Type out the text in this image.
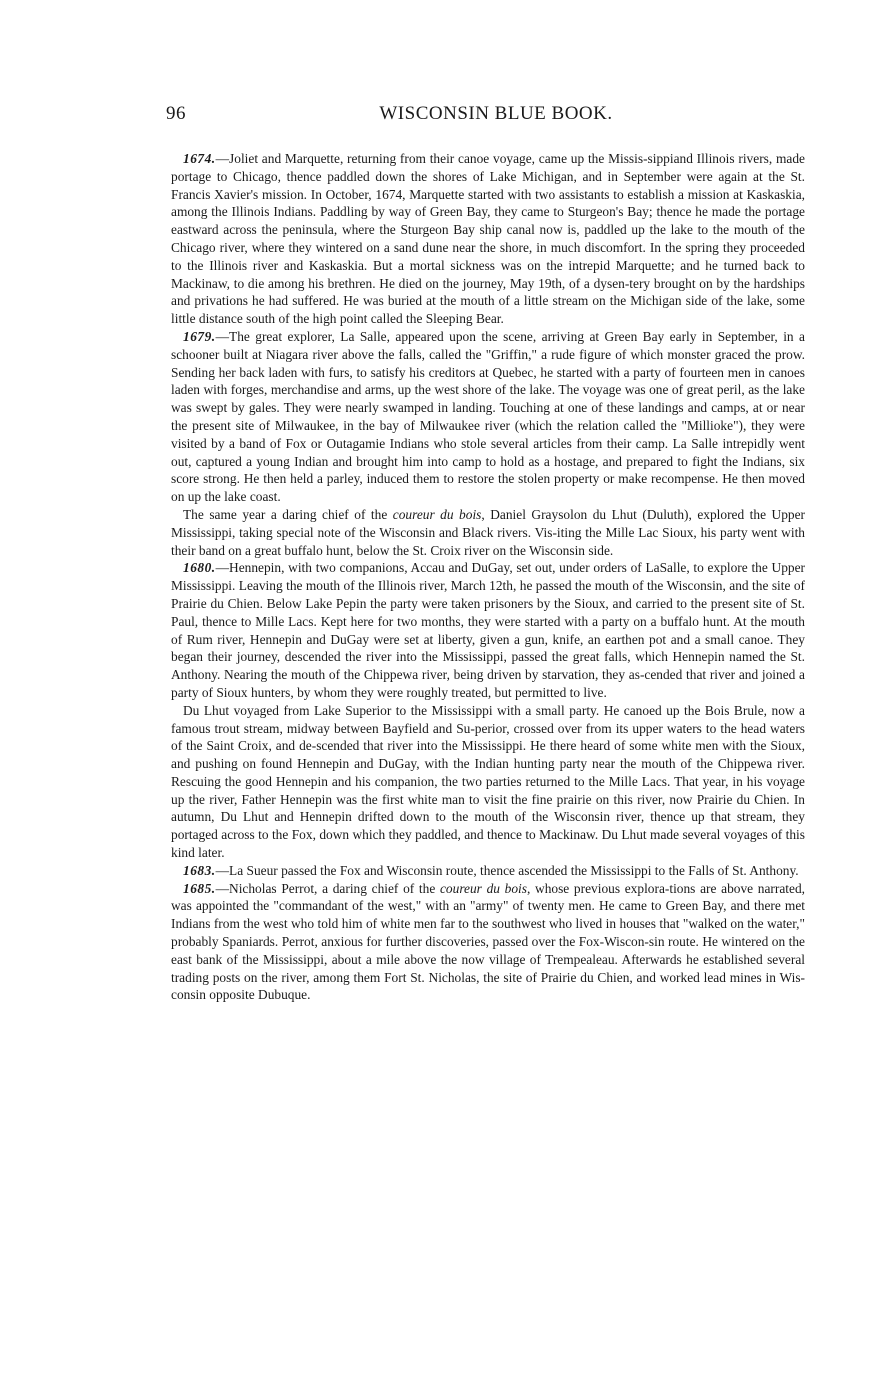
96	WISCONSIN BLUE BOOK.

1674.—Joliet and Marquette, returning from their canoe voyage, came up the Missis-sippiand Illinois rivers, made portage to Chicago, thence paddled down the shores of Lake Michigan, and in September were again at the St. Francis Xavier's mission. In October, 1674, Marquette started with two assistants to establish a mission at Kaskaskia, among the Illinois Indians. Paddling by way of Green Bay, they came to Sturgeon's Bay; thence he made the portage eastward across the peninsula, where the Sturgeon Bay ship canal now is, paddled up the lake to the mouth of the Chicago river, where they wintered on a sand dune near the shore, in much discomfort. In the spring they proceeded to the Illinois river and Kaskaskia. But a mortal sickness was on the intrepid Marquette; and he turned back to Mackinaw, to die among his brethren. He died on the journey, May 19th, of a dysen-tery brought on by the hardships and privations he had suffered. He was buried at the mouth of a little stream on the Michigan side of the lake, some little distance south of the high point called the Sleeping Bear.

1679.—The great explorer, La Salle, appeared upon the scene, arriving at Green Bay early in September, in a schooner built at Niagara river above the falls, called the "Griffin," a rude figure of which monster graced the prow. Sending her back laden with furs, to satisfy his creditors at Quebec, he started with a party of fourteen men in canoes laden with forges, merchandise and arms, up the west shore of the lake. The voyage was one of great peril, as the lake was swept by gales. They were nearly swamped in landing. Touching at one of these landings and camps, at or near the present site of Milwaukee, in the bay of Milwaukee river (which the relation called the "Millioke"), they were visited by a band of Fox or Outagamie Indians who stole several articles from their camp. La Salle intrepidly went out, captured a young Indian and brought him into camp to hold as a hostage, and prepared to fight the Indians, six score strong. He then held a parley, induced them to restore the stolen property or make recompense. He then moved on up the lake coast.

The same year a daring chief of the coureur du bois, Daniel Graysolon du Lhut (Duluth), explored the Upper Mississippi, taking special note of the Wisconsin and Black rivers. Vis-iting the Mille Lac Sioux, his party went with their band on a great buffalo hunt, below the St. Croix river on the Wisconsin side.

1680.—Hennepin, with two companions, Accau and DuGay, set out, under orders of LaSalle, to explore the Upper Mississippi. Leaving the mouth of the Illinois river, March 12th, he passed the mouth of the Wisconsin, and the site of Prairie du Chien. Below Lake Pepin the party were taken prisoners by the Sioux, and carried to the present site of St. Paul, thence to Mille Lacs. Kept here for two months, they were started with a party on a buffalo hunt. At the mouth of Rum river, Hennepin and DuGay were set at liberty, given a gun, knife, an earthen pot and a small canoe. They began their journey, descended the river into the Mississippi, passed the great falls, which Hennepin named the St. Anthony. Nearing the mouth of the Chippewa river, being driven by starvation, they as-cended that river and joined a party of Sioux hunters, by whom they were roughly treated, but permitted to live.

Du Lhut voyaged from Lake Superior to the Mississippi with a small party. He canoed up the Bois Brule, now a famous trout stream, midway between Bayfield and Su-perior, crossed over from its upper waters to the head waters of the Saint Croix, and de-scended that river into the Mississippi. He there heard of some white men with the Sioux, and pushing on found Hennepin and DuGay, with the Indian hunting party near the mouth of the Chippewa river. Rescuing the good Hennepin and his companion, the two parties returned to the Mille Lacs. That year, in his voyage up the river, Father Hennepin was the first white man to visit the fine prairie on this river, now Prairie du Chien. In autumn, Du Lhut and Hennepin drifted down to the mouth of the Wisconsin river, thence up that stream, they portaged across to the Fox, down which they paddled, and thence to Mackinaw. Du Lhut made several voyages of this kind later.

1683.—La Sueur passed the Fox and Wisconsin route, thence ascended the Mississippi to the Falls of St. Anthony.

1685.—Nicholas Perrot, a daring chief of the coureur du bois, whose previous explora-tions are above narrated, was appointed the "commandant of the west," with an "army" of twenty men. He came to Green Bay, and there met Indians from the west who told him of white men far to the southwest who lived in houses that "walked on the water," probably Spaniards. Perrot, anxious for further discoveries, passed over the Fox-Wiscon-sin route. He wintered on the east bank of the Mississippi, about a mile above the now village of Trempealeau. Afterwards he established several trading posts on the river, among them Fort St. Nicholas, the site of Prairie du Chien, and worked lead mines in Wis-consin opposite Dubuque.
